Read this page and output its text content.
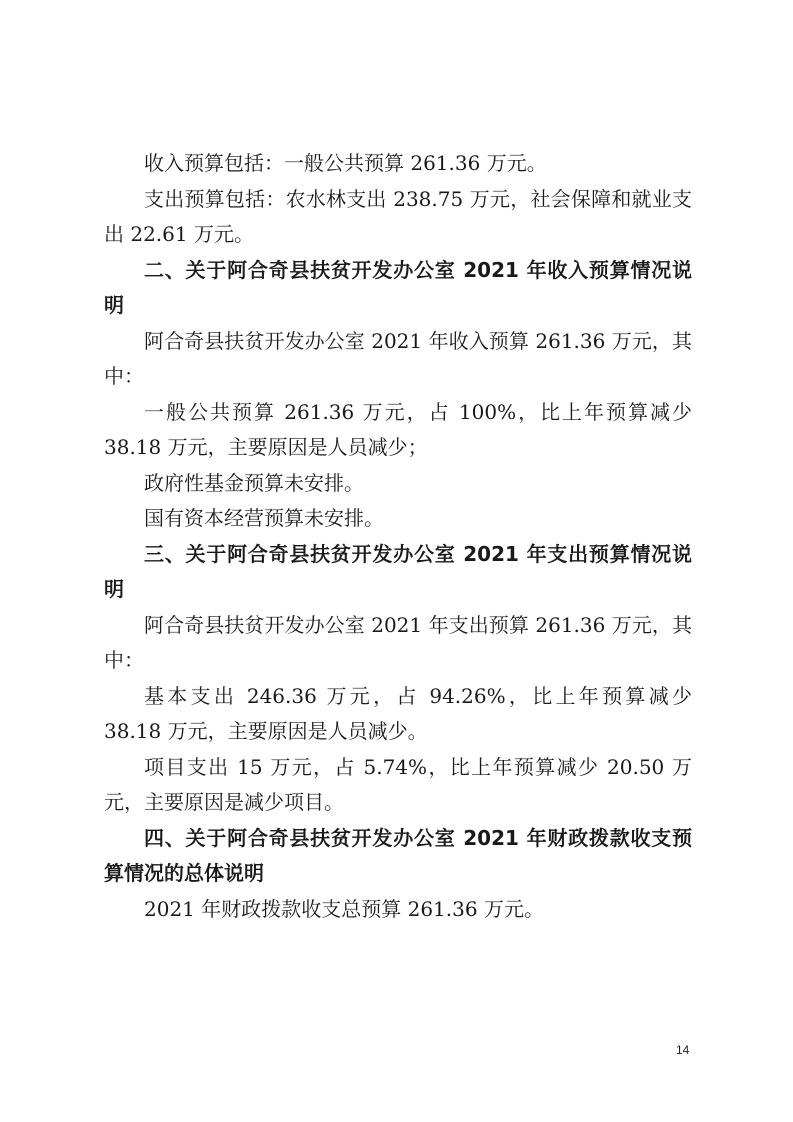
收入预算包括：一般公共预算 261.36 万元。

支出预算包括：农水林支出 238.75 万元，社会保障和就业支出 22.61 万元。

二、关于阿合奇县扶贫开发办公室 2021 年收入预算情况说明

阿合奇县扶贫开发办公室 2021 年收入预算 261.36 万元，其中：

一般公共预算 261.36 万元，占 100%，比上年预算减少 38.18 万元，主要原因是人员减少；

政府性基金预算未安排。

国有资本经营预算未安排。

三、关于阿合奇县扶贫开发办公室 2021 年支出预算情况说明

阿合奇县扶贫开发办公室 2021 年支出预算 261.36 万元，其中：

基本支出 246.36 万元，占 94.26%，比上年预算减少 38.18 万元，主要原因是人员减少。

项目支出 15 万元，占 5.74%，比上年预算减少 20.50 万元，主要原因是减少项目。

四、关于阿合奇县扶贫开发办公室 2021 年财政拨款收支预算情况的总体说明

2021 年财政拨款收支总预算 261.36 万元。

14
